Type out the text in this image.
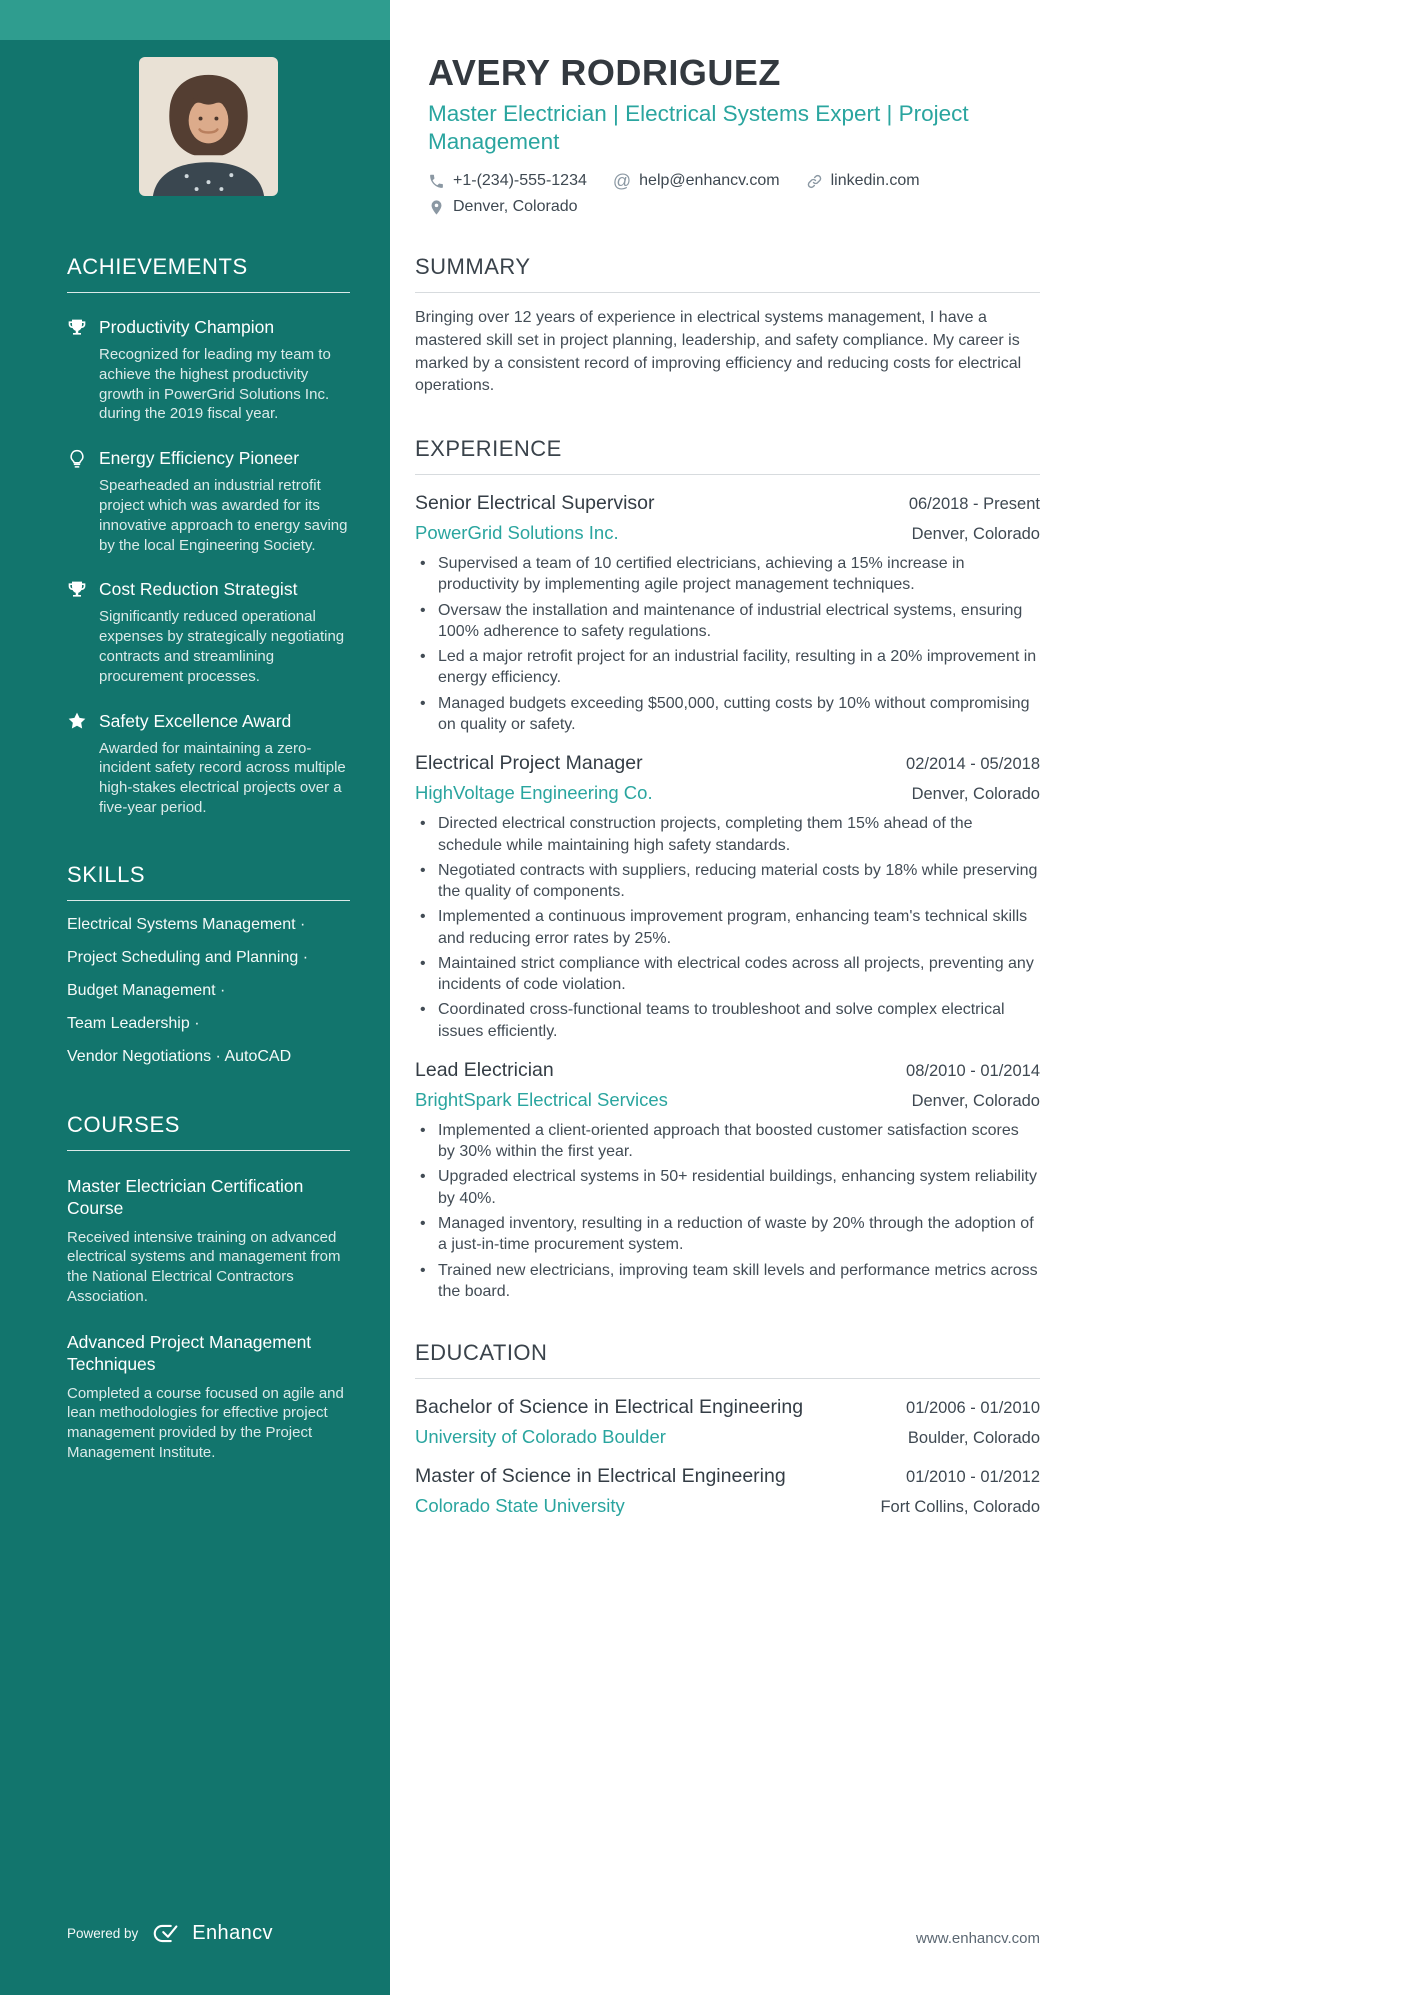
ACHIEVEMENTS
Productivity Champion

Recognized for leading my team to achieve the highest productivity growth in PowerGrid Solutions Inc. during the 2019 fiscal year.

Energy Efficiency Pioneer

Spearheaded an industrial retrofit project which was awarded for its innovative approach to energy saving by the local Engineering Society.

Cost Reduction Strategist

Significantly reduced operational expenses by strategically negotiating contracts and streamlining procurement processes.

Safety Excellence Award

Awarded for maintaining a zero-incident safety record across multiple high-stakes electrical projects over a five-year period.

SKILLS
Electrical Systems Management ·
Project Scheduling and Planning ·
Budget Management ·
Team Leadership ·
Vendor Negotiations · AutoCAD
COURSES
Master Electrician Certification Course

Received intensive training on advanced electrical systems and management from the National Electrical Contractors Association.

Advanced Project Management Techniques

Completed a course focused on agile and lean methodologies for effective project management provided by the Project Management Institute.

Powered by	Enhancv
AVERY RODRIGUEZ
Master Electrician | Electrical Systems Expert | Project Management
+1-(234)-555-1234 @ help@enhancv.com	linkedin.com
Denver, Colorado
SUMMARY

Bringing over 12 years of experience in electrical systems management, I have a mastered skill set in project planning, leadership, and safety compliance. My career is marked by a consistent record of improving efficiency and reducing costs for electrical operations.

EXPERIENCE
Senior Electrical Supervisor	06/2018 - Present
PowerGrid Solutions Inc.	Denver, Colorado
• Supervised a team of 10 certified electricians, achieving a 15% increase in productivity by implementing agile project management techniques.
• Oversaw the installation and maintenance of industrial electrical systems, ensuring 100% adherence to safety regulations.
• Led a major retrofit project for an industrial facility, resulting in a 20% improvement in energy efficiency.
• Managed budgets exceeding $500,000, cutting costs by 10% without compromising on quality or safety.
Electrical Project Manager	02/2014 - 05/2018
HighVoltage Engineering Co.	Denver, Colorado
• Directed electrical construction projects, completing them 15% ahead of the schedule while maintaining high safety standards.
• Negotiated contracts with suppliers, reducing material costs by 18% while preserving the quality of components.
• Implemented a continuous improvement program, enhancing team's technical skills and reducing error rates by 25%.
• Maintained strict compliance with electrical codes across all projects, preventing any incidents of code violation.
• Coordinated cross-functional teams to troubleshoot and solve complex electrical issues efficiently.
Lead Electrician	08/2010 - 01/2014
BrightSpark Electrical Services	Denver, Colorado
• Implemented a client-oriented approach that boosted customer satisfaction scores by 30% within the first year.
• Upgraded electrical systems in 50+ residential buildings, enhancing system reliability by 40%.
• Managed inventory, resulting in a reduction of waste by 20% through the adoption of a just-in-time procurement system.
• Trained new electricians, improving team skill levels and performance metrics across the board.
EDUCATION
Bachelor of Science in Electrical Engineering	01/2006 - 01/2010
University of Colorado Boulder	Boulder, Colorado
Master of Science in Electrical Engineering	01/2010 - 01/2012
Colorado State University	Fort Collins, Colorado
www.enhancv.com
